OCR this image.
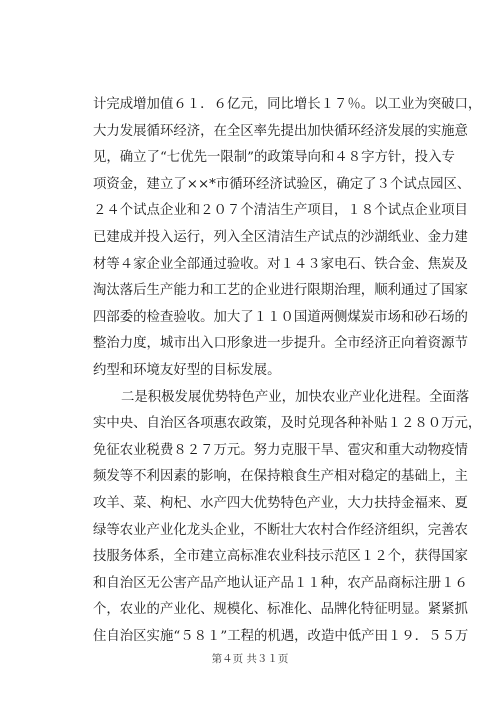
计完成增加值６１．６亿元，同比增长１７％。以工业为突破口，
大力发展循环经济，在全区率先提出加快循环经济发展的实施意
见，确立了“七优先一限制”的政策导向和４８字方针，投入专
项资金，建立了××*市循环经济试验区，确定了３个试点园区、
２４个试点企业和２０７个清洁生产项目，１８个试点企业项目
已建成并投入运行，列入全区清洁生产试点的沙湖纸业、金力建
材等４家企业全部通过验收。对１４３家电石、铁合金、焦炭及
淘汰落后生产能力和工艺的企业进行限期治理，顺利通过了国家
四部委的检查验收。加大了１１０国道两侧煤炭市场和砂石场的
整治力度，城市出入口形象进一步提升。全市经济正向着资源节
约型和环境友好型的目标发展。
二是积极发展优势特色产业，加快农业产业化进程。全面落
实中央、自治区各项惠农政策，及时兑现各种补贴１２８０万元，
免征农业税费８２７万元。努力克服干旱、雹灾和重大动物疫情
频发等不利因素的影响，在保持粮食生产相对稳定的基础上，主
攻羊、菜、枸杞、水产四大优势特色产业，大力扶持金福来、夏
绿等农业产业化龙头企业，不断壮大农村合作经济组织，完善农
技服务体系，全市建立高标准农业科技示范区１２个，获得国家
和自治区无公害产品产地认证产品１１种，农产品商标注册１６
个，农业的产业化、规模化、标准化、品牌化特征明显。紧紧抓
住自治区实施“５８１”工程的机遇，改造中低产田１９．５５万
第４页 共３１页
